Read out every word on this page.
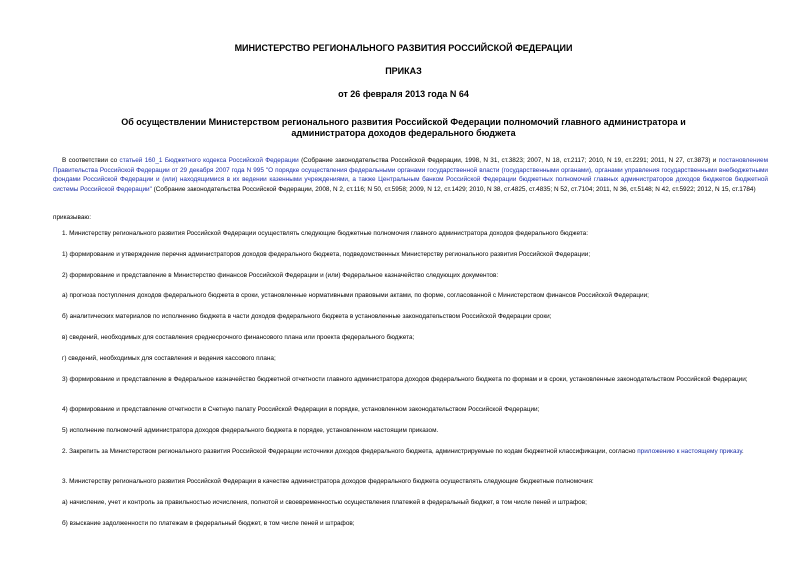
МИНИСТЕРСТВО РЕГИОНАЛЬНОГО РАЗВИТИЯ РОССИЙСКОЙ ФЕДЕРАЦИИ

ПРИКАЗ

от 26 февраля 2013 года N 64

Об осуществлении Министерством регионального развития Российской Федерации полномочий главного администратора и администратора доходов федерального бюджета

В соответствии со статьей 160_1 Бюджетного кодекса Российской Федерации (Собрание законодательства Российской Федерации, 1998, N 31, ст.3823; 2007, N 18, ст.2117; 2010, N 19, ст.2291; 2011, N 27, ст.3873) и постановлением Правительства Российской Федерации от 29 декабря 2007 года N 995 "О порядке осуществления федеральными органами государственной власти (государственными органами), органами управления государственными внебюджетными фондами Российской Федерации и (или) находящимися в их ведении казенными учреждениями, а также Центральным банком Российской Федерации бюджетных полномочий главных администраторов доходов бюджетов бюджетной системы Российской Федерации" (Собрание законодательства Российской Федерации, 2008, N 2, ст.116; N 50, ст.5958; 2009, N 12, ст.1429; 2010, N 38, ст.4825, ст.4835; N 52, ст.7104; 2011, N 36, ст.5148; N 42, ст.5922; 2012, N 15, ст.1784)

приказываю:

1. Министерству регионального развития Российской Федерации осуществлять следующие бюджетные полномочия главного администратора доходов федерального бюджета:

1) формирование и утверждение перечня администраторов доходов федерального бюджета, подведомственных Министерству регионального развития Российской Федерации;

2) формирование и представление в Министерство финансов Российской Федерации и (или) Федеральное казначейство следующих документов:

а) прогноза поступления доходов федерального бюджета в сроки, установленные нормативными правовыми актами, по форме, согласованной с Министерством финансов Российской Федерации;

б) аналитических материалов по исполнению бюджета в части доходов федерального бюджета в установленные законодательством Российской Федерации сроки;

в) сведений, необходимых для составления среднесрочного финансового плана или проекта федерального бюджета;

г) сведений, необходимых для составления и ведения кассового плана;

3) формирование и представление в Федеральное казначейство бюджетной отчетности главного администратора доходов федерального бюджета по формам и в сроки, установленные законодательством Российской Федерации;

4) формирование и представление отчетности в Счетную палату Российской Федерации в порядке, установленном законодательством Российской Федерации;

5) исполнение полномочий администратора доходов федерального бюджета в порядке, установленном настоящим приказом.

2. Закрепить за Министерством регионального развития Российской Федерации источники доходов федерального бюджета, администрируемые по кодам бюджетной классификации, согласно приложению к настоящему приказу.

3. Министерству регионального развития Российской Федерации в качестве администратора доходов федерального бюджета осуществлять следующие бюджетные полномочия:

а) начисление, учет и контроль за правильностью исчисления, полнотой и своевременностью осуществления платежей в федеральный бюджет, в том числе пеней и штрафов;

б) взыскание задолженности по платежам в федеральный бюджет, в том числе пеней и штрафов;
